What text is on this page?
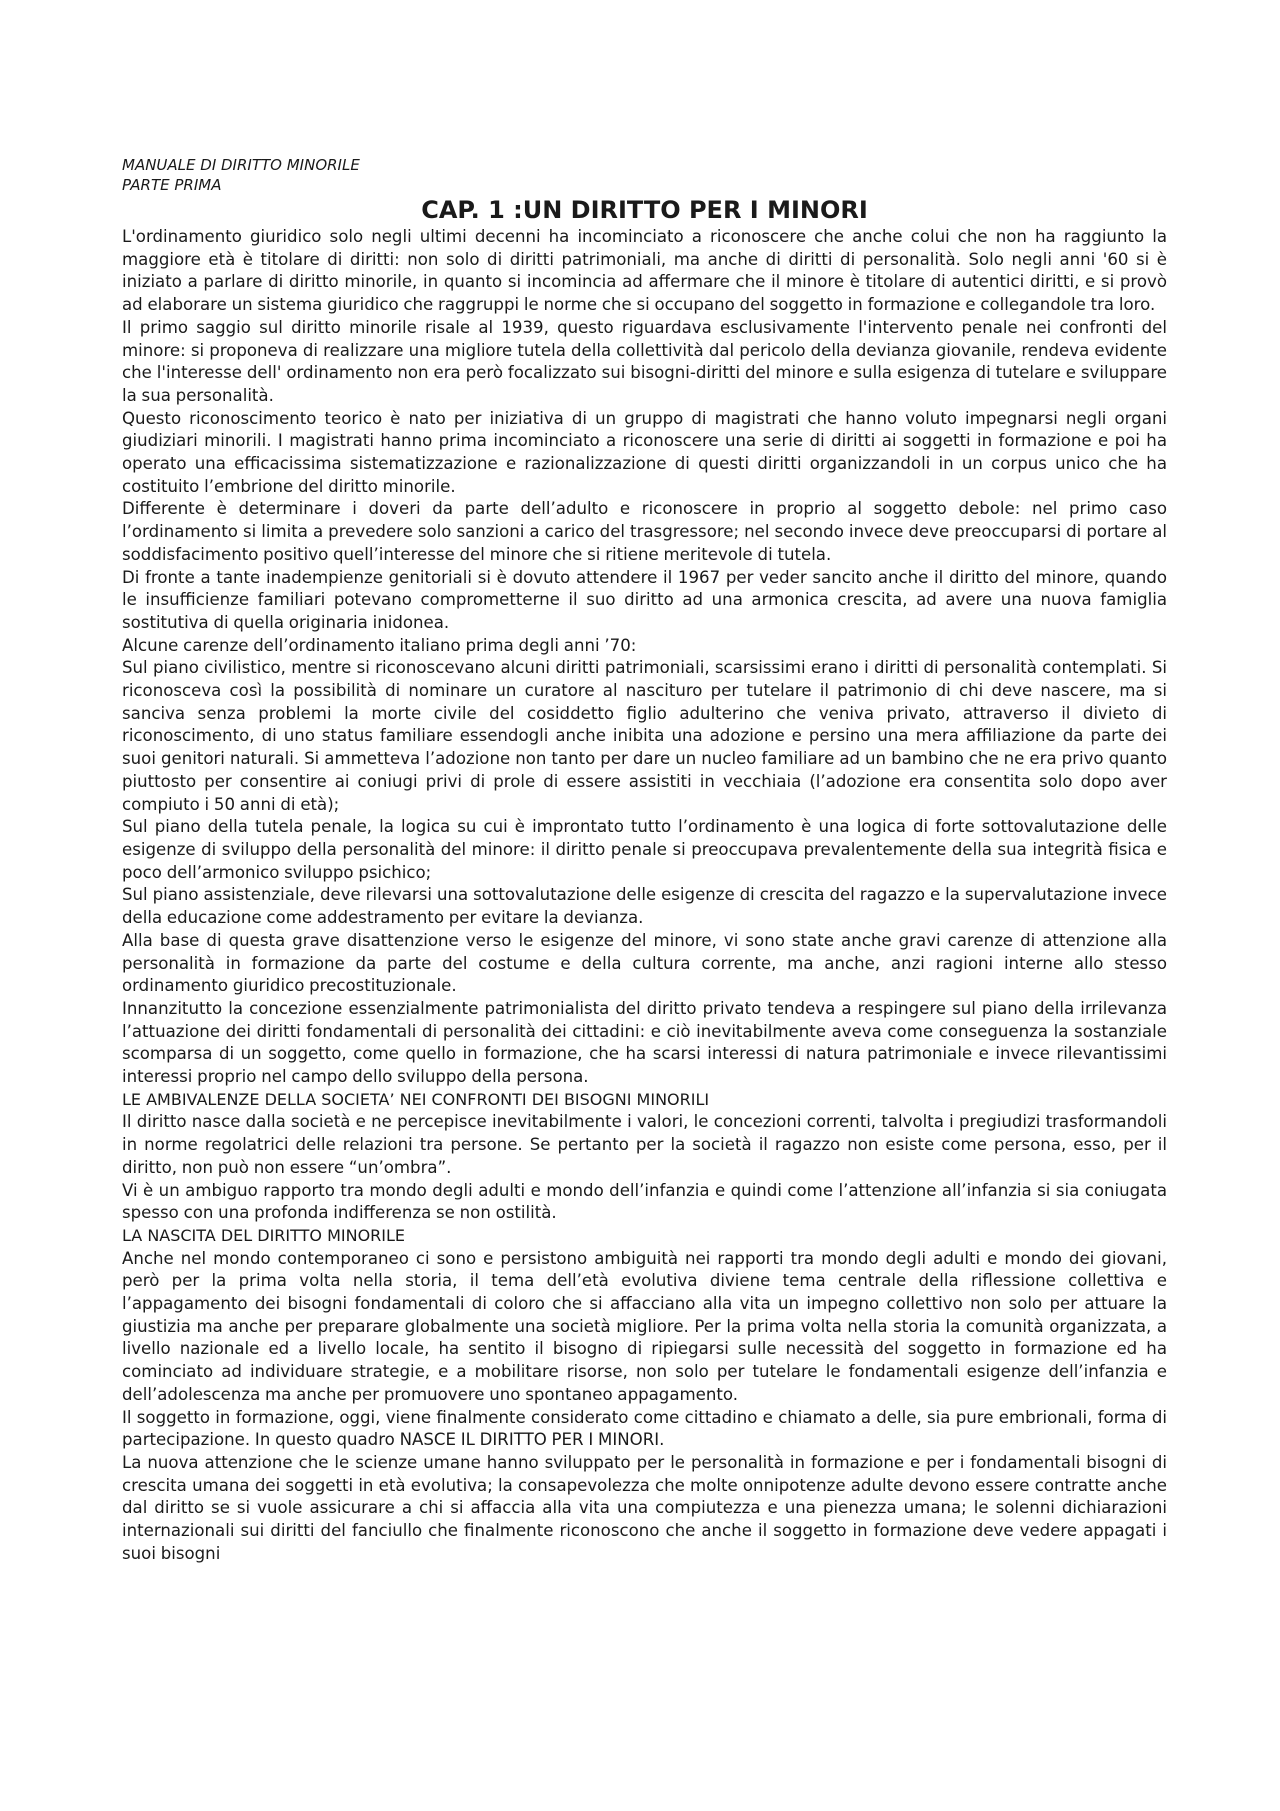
MANUALE DI DIRITTO MINORILE

PARTE PRIMA

CAP. 1 :UN DIRITTO PER I MINORI

L'ordinamento giuridico solo negli ultimi decenni ha incominciato a riconoscere che anche colui che non ha raggiunto la maggiore età è titolare di diritti: non solo di diritti patrimoniali, ma anche di diritti di personalità. Solo negli anni '60 si è iniziato a parlare di diritto minorile, in quanto si incomincia ad affermare che il minore è titolare di autentici diritti, e si provò ad elaborare un sistema giuridico che raggruppi le norme che si occupano del soggetto in formazione e collegandole tra loro.

Il primo saggio sul diritto minorile risale al 1939, questo riguardava esclusivamente l'intervento penale nei confronti del minore: si proponeva di realizzare una migliore tutela della collettività dal pericolo della devianza giovanile, rendeva evidente che l'interesse dell' ordinamento non era però focalizzato sui bisogni-diritti del minore e sulla esigenza di tutelare e sviluppare la sua personalità.

Questo riconoscimento teorico è nato per iniziativa di un gruppo di magistrati che hanno voluto impegnarsi negli organi giudiziari minorili. I magistrati hanno prima incominciato a riconoscere una serie di diritti ai soggetti in formazione e poi ha operato una efficacissima sistematizzazione e razionalizzazione di questi diritti organizzandoli in un corpus unico che ha costituito l’embrione del diritto minorile.

Differente è determinare i doveri da parte dell’adulto e riconoscere in proprio al soggetto debole: nel primo caso l’ordinamento si limita a prevedere solo sanzioni a carico del trasgressore; nel secondo invece deve preoccuparsi di portare al soddisfacimento positivo quell’interesse del minore che si ritiene meritevole di tutela.

Di fronte a tante inadempienze genitoriali si è dovuto attendere il 1967 per veder sancito anche il diritto del minore, quando le insufficienze familiari potevano comprometterne il suo diritto ad una armonica crescita, ad avere una nuova famiglia sostitutiva di quella originaria inidonea.

Alcune carenze dell’ordinamento italiano prima degli anni ’70:

Sul piano civilistico, mentre si riconoscevano alcuni diritti patrimoniali, scarsissimi erano i diritti di personalità contemplati. Si riconosceva così la possibilità di nominare un curatore al nascituro per tutelare il patrimonio di chi deve nascere, ma si sanciva senza problemi la morte civile del cosiddetto figlio adulterino che veniva privato, attraverso il divieto di riconoscimento, di uno status familiare essendogli anche inibita una adozione e persino una mera affiliazione da parte dei suoi genitori naturali. Si ammetteva l’adozione non tanto per dare un nucleo familiare ad un bambino che ne era privo quanto piuttosto per consentire ai coniugi privi di prole di essere assistiti in vecchiaia (l’adozione era consentita solo dopo aver compiuto i 50 anni di età);

Sul piano della tutela penale, la logica su cui è improntato tutto l’ordinamento è una logica di forte sottovalutazione delle esigenze di sviluppo della personalità del minore: il diritto penale si preoccupava prevalentemente della sua integrità fisica e poco dell’armonico sviluppo psichico;

Sul piano assistenziale, deve rilevarsi una sottovalutazione delle esigenze di crescita del ragazzo e la supervalutazione invece della educazione come addestramento per evitare la devianza.

Alla base di questa grave disattenzione verso le esigenze del minore, vi sono state anche gravi carenze di attenzione alla personalità in formazione da parte del costume e della cultura corrente, ma anche, anzi ragioni interne allo stesso ordinamento giuridico precostituzionale.

Innanzitutto la concezione essenzialmente patrimonialista del diritto privato tendeva a respingere sul piano della irrilevanza l’attuazione dei diritti fondamentali di personalità dei cittadini: e ciò inevitabilmente aveva come conseguenza la sostanziale scomparsa di un soggetto, come quello in formazione, che ha scarsi interessi di natura patrimoniale e invece rilevantissimi interessi proprio nel campo dello sviluppo della persona.

LE AMBIVALENZE DELLA SOCIETA’ NEI CONFRONTI DEI BISOGNI MINORILI

Il diritto nasce dalla società e ne percepisce inevitabilmente i valori, le concezioni correnti, talvolta i pregiudizi trasformandoli in norme regolatrici delle relazioni tra persone. Se pertanto per la società il ragazzo non esiste come persona, esso, per il diritto, non può non essere “un’ombra”.

Vi è un ambiguo rapporto tra mondo degli adulti e mondo dell’infanzia e quindi come l’attenzione all’infanzia si sia coniugata spesso con una profonda indifferenza se non ostilità.

LA NASCITA DEL DIRITTO MINORILE

Anche nel mondo contemporaneo ci sono e persistono ambiguità nei rapporti tra mondo degli adulti e mondo dei giovani, però per la prima volta nella storia, il tema dell’età evolutiva diviene tema centrale della riflessione collettiva e l’appagamento dei bisogni fondamentali di coloro che si affacciano alla vita un impegno collettivo non solo per attuare la giustizia ma anche per preparare globalmente una società migliore. Per la prima volta nella storia la comunità organizzata, a livello nazionale ed a livello locale, ha sentito il bisogno di ripiegarsi sulle necessità del soggetto in formazione ed ha cominciato ad individuare strategie, e a mobilitare risorse, non solo per tutelare le fondamentali esigenze dell’infanzia e dell’adolescenza ma anche per promuovere uno spontaneo appagamento.

Il soggetto in formazione, oggi, viene finalmente considerato come cittadino e chiamato a delle, sia pure embrionali, forma di partecipazione. In questo quadro NASCE IL DIRITTO PER I MINORI.

La nuova attenzione che le scienze umane hanno sviluppato per le personalità in formazione e per i fondamentali bisogni di crescita umana dei soggetti in età evolutiva; la consapevolezza che molte onnipotenze adulte devono essere contratte anche dal diritto se si vuole assicurare a chi si affaccia alla vita una compiutezza e una pienezza umana; le solenni dichiarazioni internazionali sui diritti del fanciullo che finalmente riconoscono che anche il soggetto in formazione deve vedere appagati i suoi bisogni
